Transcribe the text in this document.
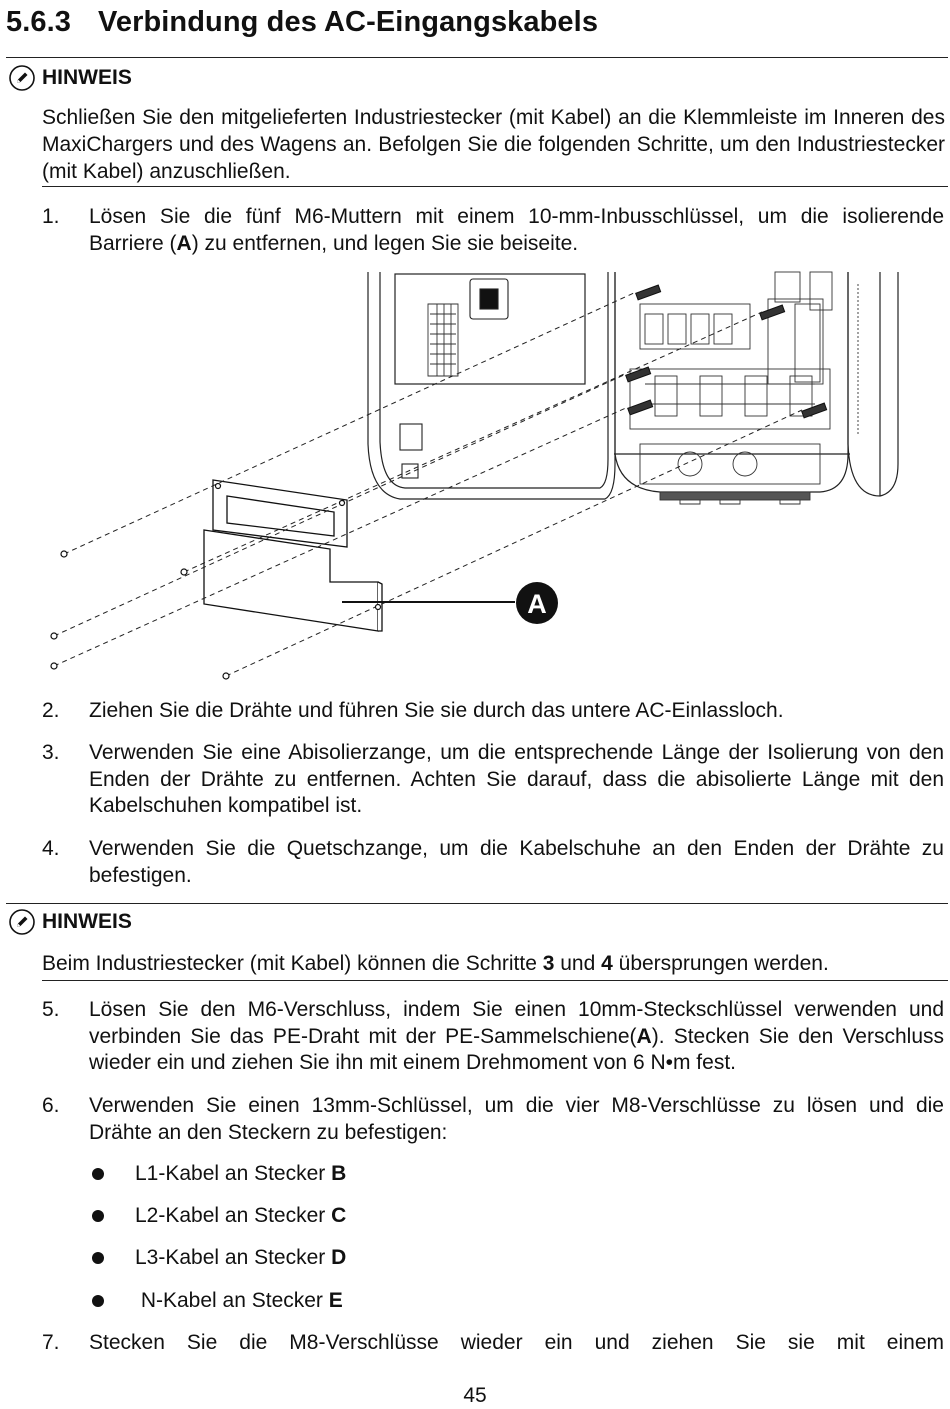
5.6.3 Verbindung des AC-Eingangskabels
HINWEIS
Schließen Sie den mitgelieferten Industriestecker (mit Kabel) an die Klemmleiste im Inneren des MaxiChargers und des Wagens an. Befolgen Sie die folgenden Schritte, um den Industriestecker (mit Kabel) anzuschließen.
1.	Lösen Sie die fünf M6-Muttern mit einem 10-mm-Inbusschlüssel, um die isolierende Barriere (A) zu entfernen, und legen Sie sie beiseite.
A
2.	Ziehen Sie die Drähte und führen Sie sie durch das untere AC-Einlassloch.
3.	Verwenden Sie eine Abisolierzange, um die entsprechende Länge der Isolierung von den Enden der Drähte zu entfernen. Achten Sie darauf, dass die abisolierte Länge mit den Kabelschuhen kompatibel ist.
4.	Verwenden Sie die Quetschzange, um die Kabelschuhe an den Enden der Drähte zu befestigen.
HINWEIS
Beim Industriestecker (mit Kabel) können die Schritte 3 und 4 übersprungen werden.
5.	Lösen Sie den M6-Verschluss, indem Sie einen 10mm-Steckschlüssel verwenden und verbinden Sie das PE-Draht mit der PE-Sammelschiene(A). Stecken Sie den Verschluss wieder ein und ziehen Sie ihn mit einem Drehmoment von 6 N•m fest.
6.	Verwenden Sie einen 13mm-Schlüssel, um die vier M8-Verschlüsse zu lösen und die Drähte an den Steckern zu befestigen:
L1-Kabel an Stecker B
L2-Kabel an Stecker C
L3-Kabel an Stecker D
N-Kabel an Stecker E
7.	Stecken Sie die M8-Verschlüsse wieder ein und ziehen Sie sie mit einem
45
